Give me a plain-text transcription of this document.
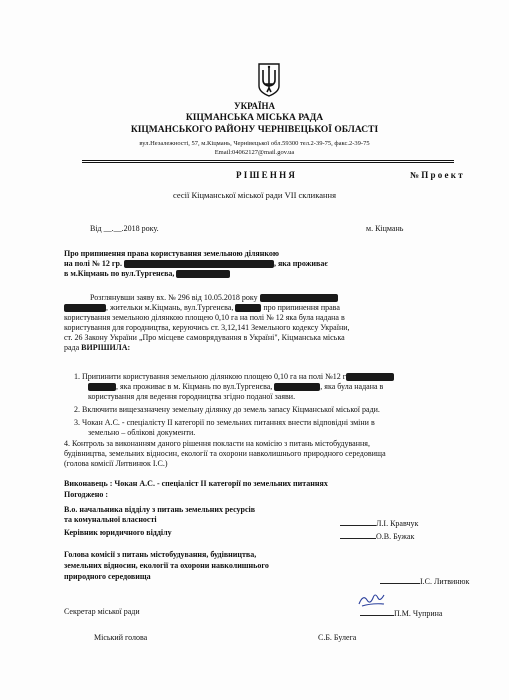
УКРАЇНА
КІЦМАНСЬКА МІСЬКА РАДА
КІЦМАНСЬКОГО РАЙОНУ ЧЕРНІВЕЦЬКОЇ ОБЛАСТІ
вул.Незалежності, 57, м.Кіцмань, Чернівецької обл.59300 тел.2-39-75, факс.2-39-75
Email:04062127@mail.gov.ua
Р І Ш Е Н Н Я	№ П р о е к т
сесії Кіцманської міської ради VII скликання
Від __.__.2018 року.	м. Кіцмань
Про припинення права користування земельною ділянкою
на полі № 12 гр.	, яка проживає
в м.Кіцмань по вул.Тургенєва,
Розглянувши заяву вх. № 296 від 10.05.2018 року
, жительки м.Кіцмань, вул.Тургенєва,	про припинення права
користування земельною ділянкою площею 0,10 га на полі № 12 яка була надана в
користування для городництва, керуючись ст. 3,12,141 Земельного кодексу України,
ст. 26 Закону України „Про місцеве самоврядування в Україні", Кіцманська міська
рада ВИРІШИЛА:
1. Припинити користування земельною ділянкою площею 0,10 га на полі №12 г
, яка проживає в м. Кіцмань по вул.Тургенєва,	, яка була надана в
користування для ведення городництва згідно поданої заяви.
2. Включити вищезазначену земельну ділянку до земель запасу Кіцманської міської ради.
3. Чокан А.С. - спеціалісту ІІ категорії по земельних питаннях внести відповідні зміни в
земельно – облікові документи.
4. Контроль за виконанням даного рішення покласти на комісію з питань містобудування,
будівництва, земельних відносин, екології та охорони навколишнього природного середовища
(голова комісії Литвинюк І.С.)
Виконавець : Чокан А.С. - спеціаліст ІІ категорії по земельних питаннях
Погоджено :
В.о. начальника відділу з питань земельних ресурсів
та комунальної власності	Л.І. Кравчук
Керівник юридичного відділу	О.В. Бужак
Голова комісії з питань містобудування, будівництва,
земельних відносин, екології та охорони навколишнього
природного середовища
І.С. Литвинюк
Секретар міської ради	П.М. Чуприна
Міський голова	С.Б. Булега
